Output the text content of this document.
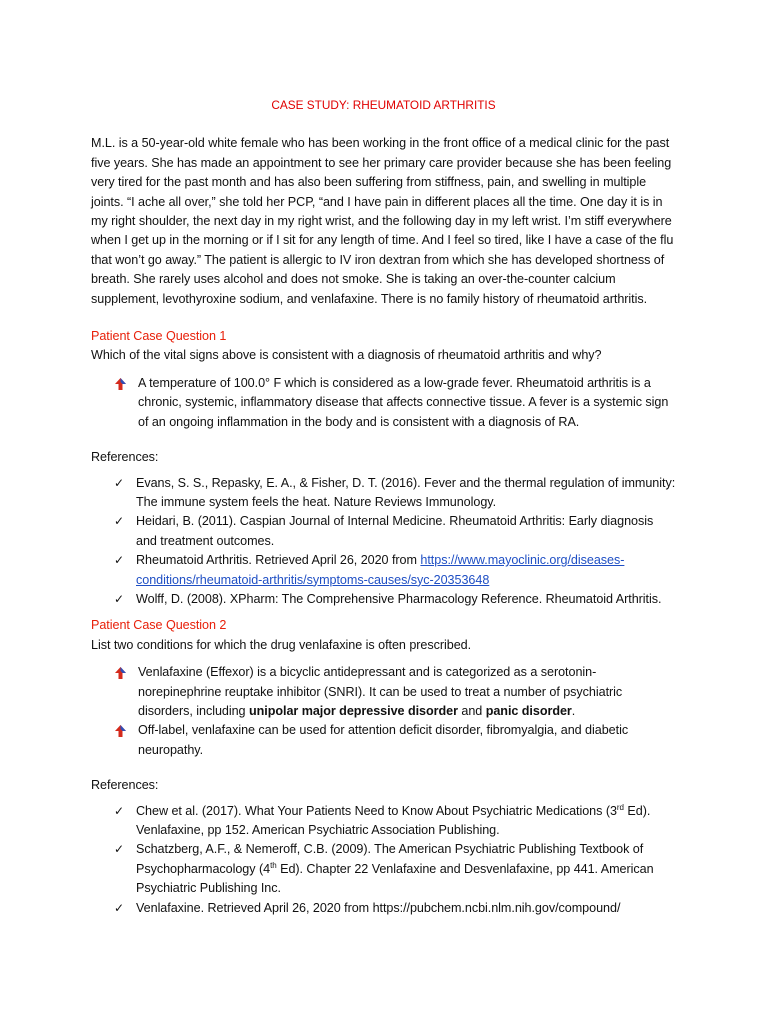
CASE STUDY: RHEUMATOID ARTHRITIS

M.L. is a 50-year-old white female who has been working in the front office of a medical clinic for the past five years. She has made an appointment to see her primary care provider because she has been feeling very tired for the past month and has also been suffering from stiffness, pain, and swelling in multiple joints. “I ache all over,” she told her PCP, “and I have pain in different places all the time. One day it is in my right shoulder, the next day in my right wrist, and the following day in my left wrist. I’m stiff everywhere when I get up in the morning or if I sit for any length of time. And I feel so tired, like I have a case of the flu that won’t go away.” The patient is allergic to IV iron dextran from which she has developed shortness of breath. She rarely uses alcohol and does not smoke. She is taking an over-the-counter calcium supplement, levothyroxine sodium, and venlafaxine. There is no family history of rheumatoid arthritis.

Patient Case Question 1

Which of the vital signs above is consistent with a diagnosis of rheumatoid arthritis and why?

A temperature of 100.0° F which is considered as a low-grade fever. Rheumatoid arthritis is a chronic, systemic, inflammatory disease that affects connective tissue. A fever is a systemic sign of an ongoing inflammation in the body and is consistent with a diagnosis of RA.

References:

✓ Evans, S. S., Repasky, E. A., & Fisher, D. T. (2016). Fever and the thermal regulation of immunity: The immune system feels the heat. Nature Reviews Immunology.
✓ Heidari, B. (2011). Caspian Journal of Internal Medicine. Rheumatoid Arthritis: Early diagnosis and treatment outcomes.
✓ Rheumatoid Arthritis. Retrieved April 26, 2020 from https://www.mayoclinic.org/diseases-conditions/rheumatoid-arthritis/symptoms-causes/syc-20353648
✓ Wolff, D. (2008). XPharm: The Comprehensive Pharmacology Reference. Rheumatoid Arthritis.

Patient Case Question 2

List two conditions for which the drug venlafaxine is often prescribed.

Venlafaxine (Effexor) is a bicyclic antidepressant and is categorized as a serotonin-norepinephrine reuptake inhibitor (SNRI). It can be used to treat a number of psychiatric disorders, including unipolar major depressive disorder and panic disorder.
Off-label, venlafaxine can be used for attention deficit disorder, fibromyalgia, and diabetic neuropathy.

References:

✓ Chew et al. (2017). What Your Patients Need to Know About Psychiatric Medications (3rd Ed). Venlafaxine, pp 152. American Psychiatric Association Publishing.
✓ Schatzberg, A.F., & Nemeroff, C.B. (2009). The American Psychiatric Publishing Textbook of Psychopharmacology (4th Ed). Chapter 22 Venlafaxine and Desvenlafaxine, pp 441. American Psychiatric Publishing Inc.
✓ Venlafaxine. Retrieved April 26, 2020 from https://pubchem.ncbi.nlm.nih.gov/compound/
